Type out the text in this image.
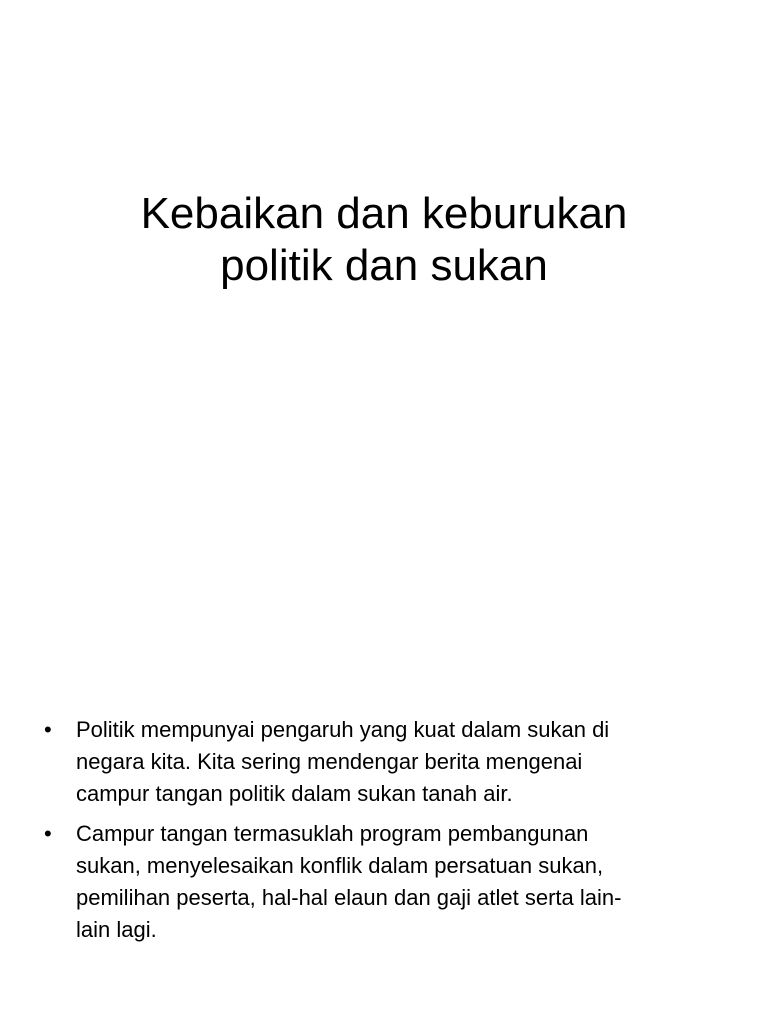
Kebaikan dan keburukan
politik dan sukan
• Politik mempunyai pengaruh yang kuat dalam sukan di
negara kita. Kita sering mendengar berita mengenai
campur tangan politik dalam sukan tanah air.
• Campur tangan termasuklah program pembangunan
sukan, menyelesaikan konflik dalam persatuan sukan,
pemilihan peserta, hal-hal elaun dan gaji atlet serta lain-
lain lagi.
